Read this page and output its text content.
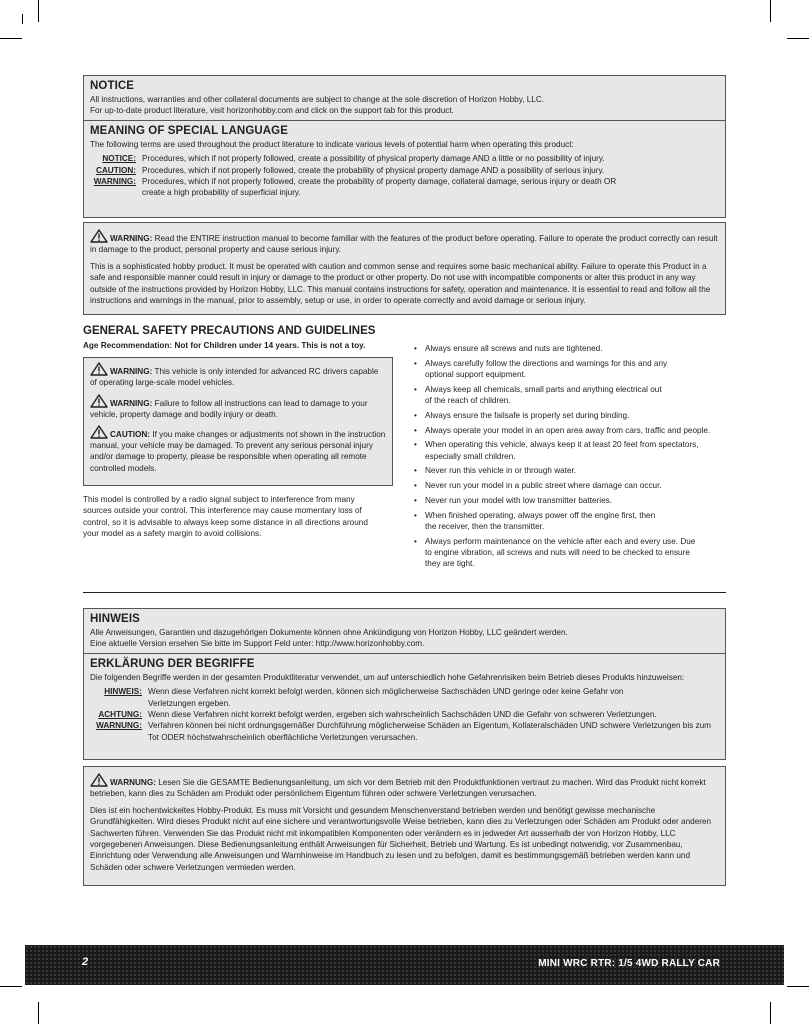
NOTICE
All instructions, warranties and other collateral documents are subject to change at the sole discretion of Horizon Hobby, LLC.
For up-to-date product literature, visit horizonhobby.com and click on the support tab for this product.
MEANING OF SPECIAL LANGUAGE
The following terms are used throughout the product literature to indicate various levels of potential harm when operating this product:
NOTICE: Procedures, which if not properly followed, create a possibility of physical property damage AND a little or no possibility of injury.
CAUTION: Procedures, which if not properly followed, create the probability of physical property damage AND a possibility of serious injury.
WARNING: Procedures, which if not properly followed, create the probability of property damage, collateral damage, serious injury or death OR create a high probability of superficial injury.
WARNING: Read the ENTIRE instruction manual to become familiar with the features of the product before operating. Failure to operate the product correctly can result in damage to the product, personal property and cause serious injury.
This is a sophisticated hobby product. It must be operated with caution and common sense and requires some basic mechanical ability. Failure to operate this Product in a safe and responsible manner could result in injury or damage to the product or other property. Do not use with incompatible components or alter this product in any way outside of the instructions provided by Horizon Hobby, LLC. This manual contains instructions for safety, operation and maintenance. It is essential to read and follow all the instructions and warnings in the manual, prior to assembly, setup or use, in order to operate correctly and avoid damage or serious injury.
GENERAL SAFETY PRECAUTIONS AND GUIDELINES
Age Recommendation: Not for Children under 14 years. This is not a toy.
WARNING: This vehicle is only intended for advanced RC drivers capable of operating large-scale model vehicles.
WARNING: Failure to follow all instructions can lead to damage to your vehicle, property damage and bodily injury or death.
CAUTION: If you make changes or adjustments not shown in the instruction manual, your vehicle may be damaged. To prevent any serious personal injury and/or damage to property, please be responsible when operating all remote controlled models.
This model is controlled by a radio signal subject to interference from many sources outside your control. This interference may cause momentary loss of control, so it is advisable to always keep some distance in all directions around your model as a safety margin to avoid collisions.
• Always ensure all screws and nuts are tightened.
• Always carefully follow the directions and warnings for this and any optional support equipment.
• Always keep all chemicals, small parts and anything electrical out of the reach of children.
• Always ensure the failsafe is properly set during binding.
• Always operate your model in an open area away from cars, traffic and people.
• When operating this vehicle, always keep it at least 20 feet from spectators, especially small children.
• Never run this vehicle in or through water.
• Never run your model in a public street where damage can occur.
• Never run your model with low transmitter batteries.
• When finished operating, always power off the engine first, then the receiver, then the transmitter.
• Always perform maintenance on the vehicle after each and every use. Due to engine vibration, all screws and nuts will need to be checked to ensure they are tight.
HINWEIS
Alle Anweisungen, Garantien und dazugehörigen Dokumente können ohne Ankündigung von Horizon Hobby, LLC geändert werden.
Eine aktuelle Version ersehen Sie bitte im Support Feld unter: http://www.horizonhobby.com.
ERKLÄRUNG DER BEGRIFFE
Die folgenden Begriffe werden in der gesamten Produktliteratur verwendet, um auf unterschiedlich hohe Gefahrenrisiken beim Betrieb dieses Produkts hinzuweisen:
HINWEIS: Wenn diese Verfahren nicht korrekt befolgt werden, können sich möglicherweise Sachschäden UND geringe oder keine Gefahr von Verletzungen ergeben.
ACHTUNG: Wenn diese Verfahren nicht korrekt befolgt werden, ergeben sich wahrscheinlich Sachschäden UND die Gefahr von schweren Verletzungen.
WARNUNG: Verfahren können bei nicht ordnungsgemäßer Durchführung möglicherweise Schäden an Eigentum, Kollateralschäden UND schwere Verletzungen bis zum Tot ODER höchstwahrscheinlich oberflächliche Verletzungen verursachen.
WARNUNG: Lesen Sie die GESAMTE Bedienungsanleitung, um sich vor dem Betrieb mit den Produktfunktionen vertraut zu machen. Wird das Produkt nicht korrekt betrieben, kann dies zu Schäden am Produkt oder persönlichem Eigentum führen oder schwere Verletzungen verursachen.
Dies ist ein hochentwickeltes Hobby-Produkt. Es muss mit Vorsicht und gesundem Menschenverstand betrieben werden und benötigt gewisse mechanische Grundfähigkeiten. Wird dieses Produkt nicht auf eine sichere und verantwortungsvolle Weise betrieben, kann dies zu Verletzungen oder Schäden am Produkt oder anderen Sachwerten führen. Verwenden Sie das Produkt nicht mit inkompatiblen Komponenten oder verändern es in jedweder Art ausserhalb der von Horizon Hobby, LLC vorgegebenen Anweisungen. Diese Bedienungsanleitung enthält Anweisungen für Sicherheit, Betrieb und Wartung. Es ist unbedingt notwendig, vor Zusammenbau, Einrichtung oder Verwendung alle Anweisungen und Warnhinweise im Handbuch zu lesen und zu befolgen, damit es bestimmungsgemäß betrieben werden kann und Schäden oder schwere Verletzungen vermieden werden.
2	MINI WRC RTR: 1/5 4WD RALLY CAR
